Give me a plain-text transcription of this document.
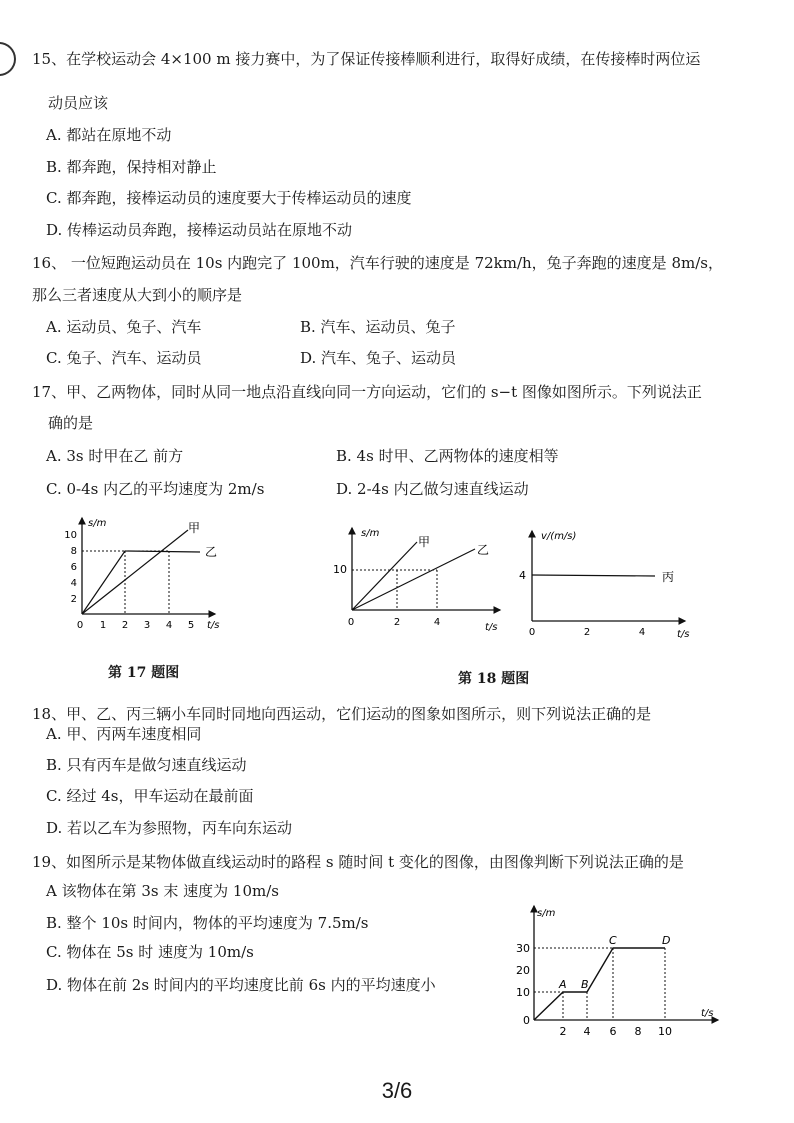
15、在学校运动会 4×100 m 接力赛中，为了保证传接棒顺利进行，取得好成绩，在传接棒时两位运
动员应该
A. 都站在原地不动
B. 都奔跑，保持相对静止
C. 都奔跑，接棒运动员的速度要大于传棒运动员的速度
D. 传棒运动员奔跑，接棒运动员站在原地不动
16、 一位短跑运动员在 10s 内跑完了 100m，汽车行驶的速度是 72km/h，兔子奔跑的速度是 8m/s，
那么三者速度从大到小的顺序是
A. 运动员、兔子、汽车	B. 汽车、运动员、兔子
C. 兔子、汽车、运动员	D. 汽车、兔子、运动员
17、甲、乙两物体，同时从同一地点沿直线向同一方向运动，它们的 s−t 图像如图所示。下列说法正
确的是
A. 3s 时甲在乙 前方	B. 4s 时甲、乙两物体的速度相等
C. 0-4s 内乙的平均速度为 2m/s	D. 2-4s 内乙做匀速直线运动
s/m
t/s
10
8
6
4
2
0 1 2 3 4 5
甲
乙
s/m
t/s
10
0	2	4
甲
乙
v/(m/s)
t/s
4
0	2	4
丙
第 17 题图	第 18 题图
18、甲、乙、丙三辆小车同时同地向西运动，它们运动的图象如图所示，则下列说法正确的是
A. 甲、丙两车速度相同
B. 只有丙车是做匀速直线运动
C. 经过 4s，甲车运动在最前面
D. 若以乙车为参照物，丙车向东运动
19、如图所示是某物体做直线运动时的路程 s 随时间 t 变化的图像，由图像判断下列说法正确的是
A 该物体在第 3s 末 速度为 10m/s
B. 整个 10s 时间内，物体的平均速度为 7.5m/s
C. 物体在 5s 时 速度为 10m/s
D. 物体在前 2s 时间内的平均速度比前 6s 内的平均速度小
s/m
t/s
30
20
10
0
2 4 6 8 10
A B
C	D
3/6
